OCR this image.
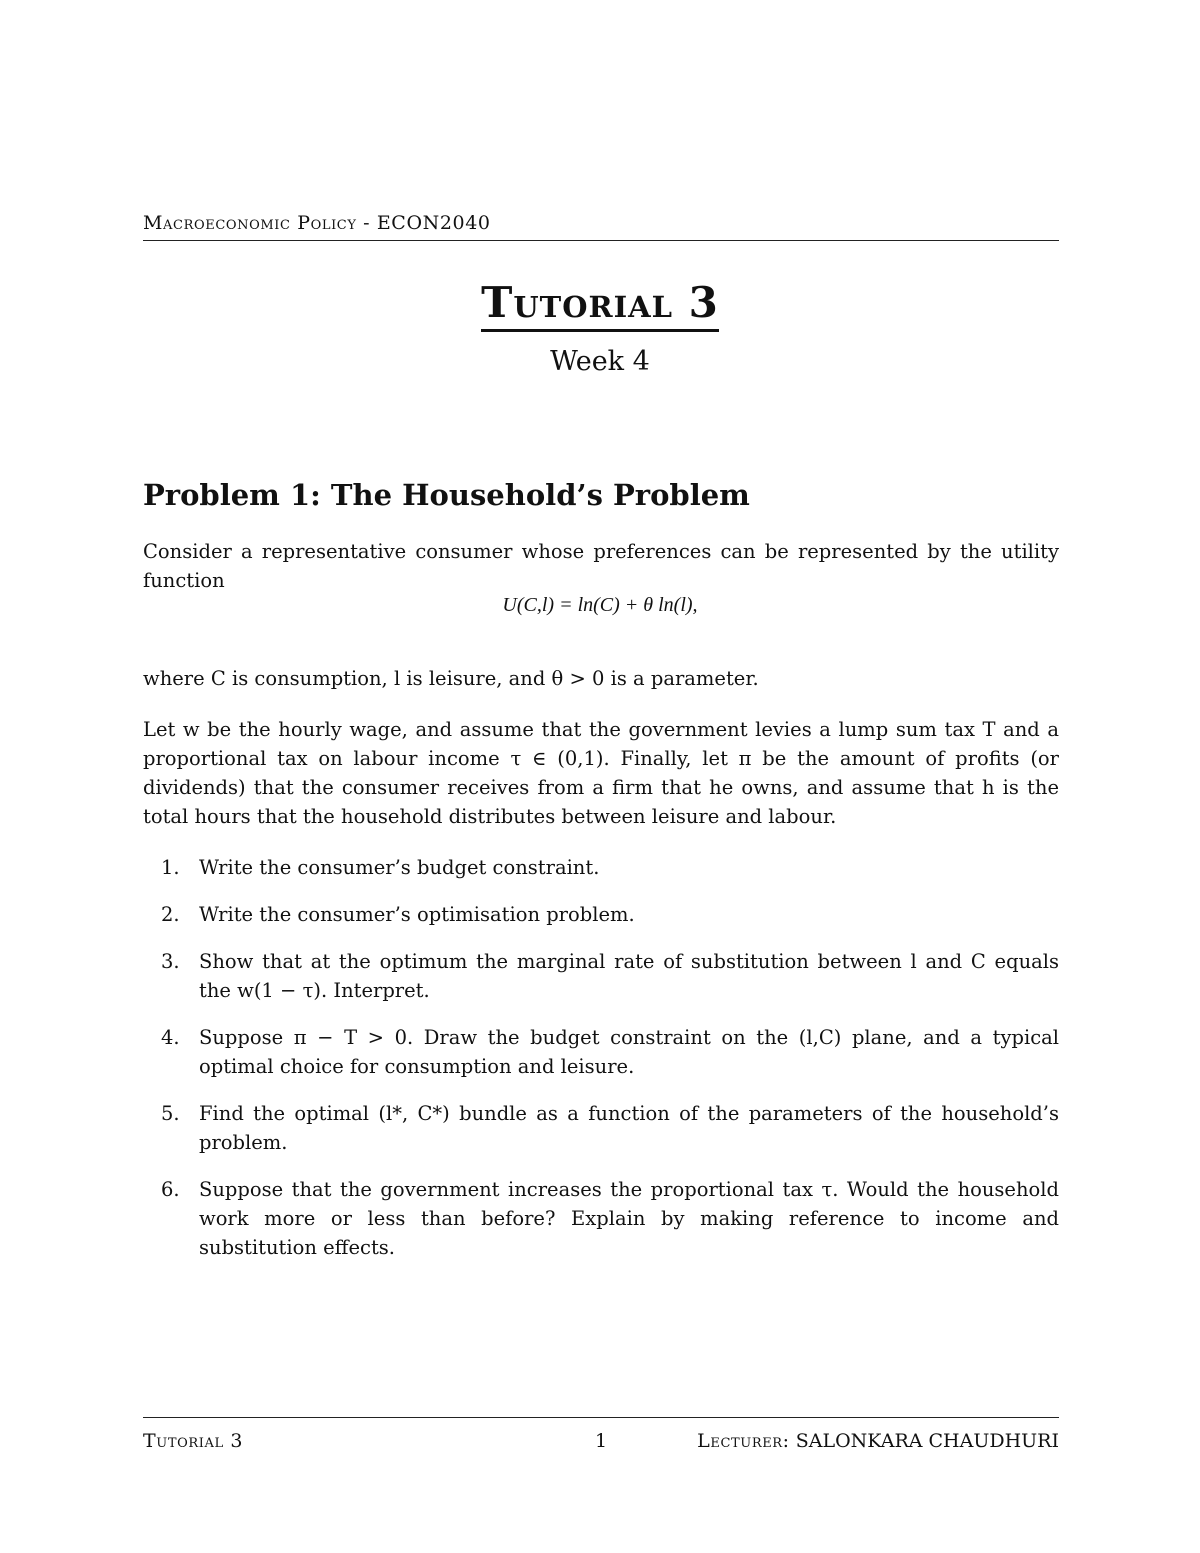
Macroeconomic Policy - ECON2040
Tutorial 3
Week 4
Problem 1: The Household’s Problem
Consider a representative consumer whose preferences can be represented by the utility function
U(C,l) = ln(C) + θ ln(l),
where C is consumption, l is leisure, and θ > 0 is a parameter.
Let w be the hourly wage, and assume that the government levies a lump sum tax T and a proportional tax on labour income τ ∈ (0,1). Finally, let π be the amount of profits (or dividends) that the consumer receives from a firm that he owns, and assume that h is the total hours that the household distributes between leisure and labour.
1. Write the consumer’s budget constraint.
2. Write the consumer’s optimisation problem.
3. Show that at the optimum the marginal rate of substitution between l and C equals the w(1 − τ). Interpret.
4. Suppose π − T > 0. Draw the budget constraint on the (l,C) plane, and a typical optimal choice for consumption and leisure.
5. Find the optimal (l*, C*) bundle as a function of the parameters of the household’s problem.
6. Suppose that the government increases the proportional tax τ. Would the household work more or less than before? Explain by making reference to income and substitution effects.
Tutorial 3	1	Lecturer: SALONKARA CHAUDHURI
